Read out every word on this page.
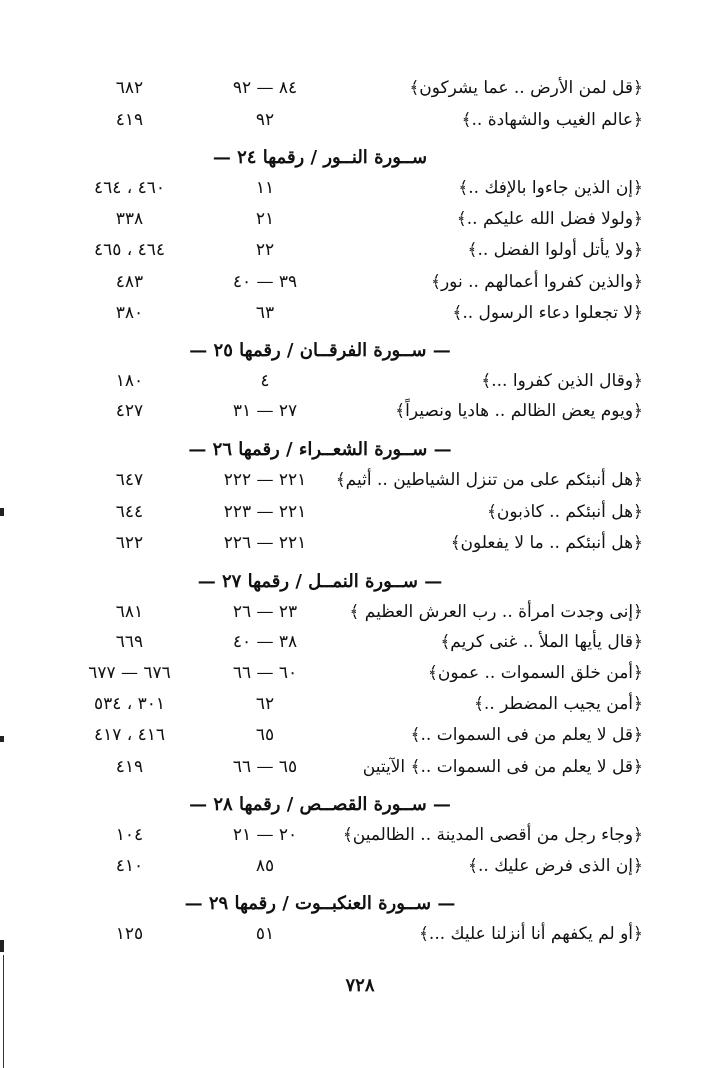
﴿قل لمن الأرض .. عما يشركون﴾
٨٤ — ٩٢
٦٨٢
﴿عالم الغيب والشهادة ..﴾
٩٢
٤١٩
ســورة النــور / رقمها ٢٤ —
﴿إن الذين جاءوا بالإفك ..﴾
١١
٤٦٠ ، ٤٦٤
﴿ولولا فضل الله عليكم ..﴾
٢١
٣٣٨
﴿ولا يأتل أولوا الفضل ..﴾
٢٢
٤٦٤ ، ٤٦٥
﴿والذين كفروا أعمالهم .. نور﴾
٣٩ — ٤٠
٤٨٣
﴿لا تجعلوا دعاء الرسول ..﴾
٦٣
٣٨٠
— ســورة الفرقــان / رقمها ٢٥ —
﴿وقال الذين كفروا ...﴾
٤
١٨٠
﴿ويوم يعض الظالم .. هاديا ونصيراً﴾
٢٧ — ٣١
٤٢٧
— ســورة الشعــراء / رقمها ٢٦ —
﴿هل أنبئكم على من تنزل الشياطين .. أثيم﴾
٢٢١ — ٢٢٢
٦٤٧
﴿هل أنبئكم .. كاذبون﴾
٢٢١ — ٢٢٣
٦٤٤
﴿هل أنبئكم .. ما لا يفعلون﴾
٢٢١ — ٢٢٦
٦٢٢
— ســورة النمــل / رقمها ٢٧ —
﴿إنى وجدت امرأة .. رب العرش العظيم ﴾
٢٣ — ٢٦
٦٨١
﴿قال يأيها الملأ .. غنى كريم﴾
٣٨ — ٤٠
٦٦٩
﴿أمن خلق السموات .. عمون﴾
٦٠ — ٦٦
٦٧٦ — ٦٧٧
﴿أمن يجيب المضطر ..﴾
٦٢
٣٠١ ، ٥٣٤
﴿قل لا يعلم من فى السموات ..﴾
٦٥
٤١٦ ، ٤١٧
﴿قل لا يعلم من فى السموات ..﴾ الآيتين
٦٥ — ٦٦
٤١٩
— ســورة القصــص / رقمها ٢٨ —
﴿وجاء رجل من أقصى المدينة .. الظالمين﴾
٢٠ — ٢١
١٠٤
﴿إن الذى فرض عليك ..﴾
٨٥
٤١٠
— ســورة العنكبــوت / رقمها ٢٩ —
﴿أو لم يكفهم أنا أنزلنا عليك ...﴾
٥١
١٢٥
٧٢٨
